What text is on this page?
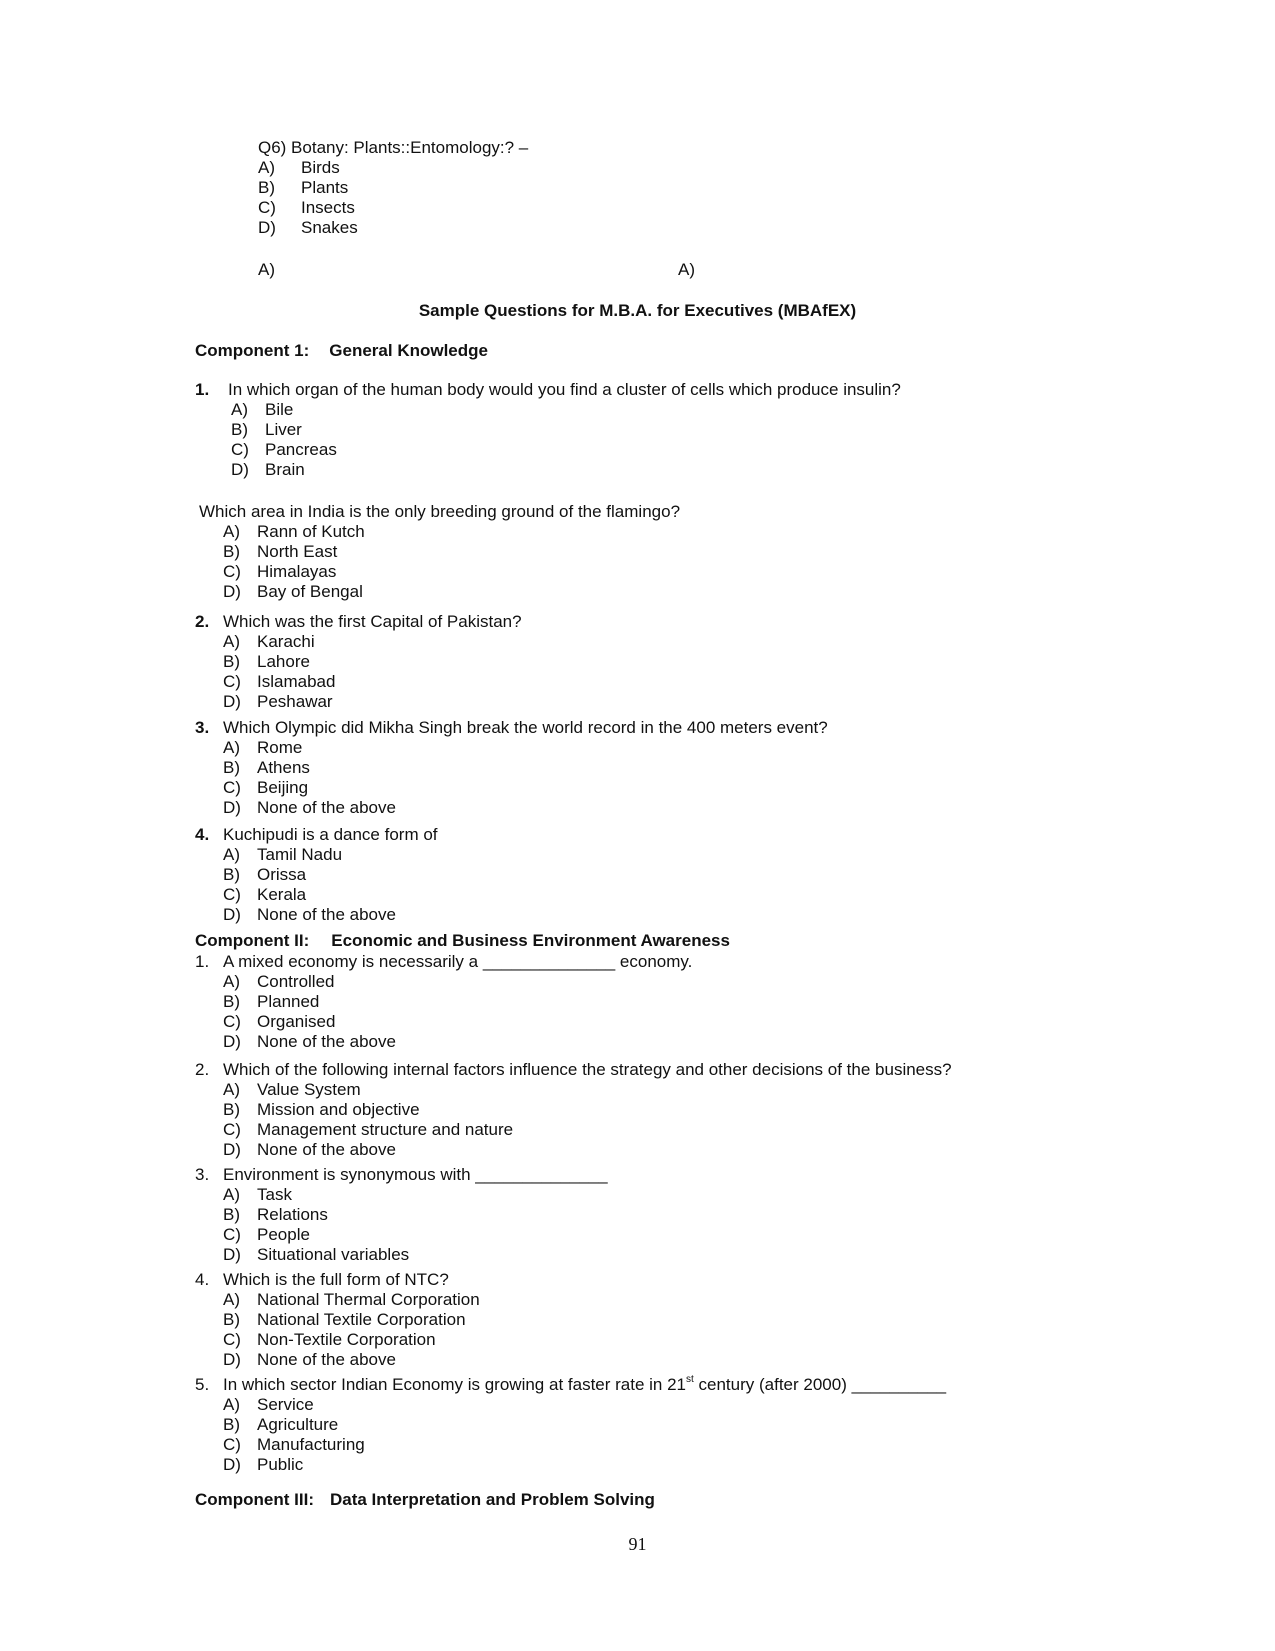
Q6) Botany: Plants::Entomology:? –
A) Birds
B) Plants
C) Insects
D) Snakes
A)	A)
Sample Questions for M.B.A. for Executives (MBAfEX)
Component 1: General Knowledge
1. In which organ of the human body would you find a cluster of cells which produce insulin?
A) Bile
B) Liver
C) Pancreas
D) Brain
Which area in India is the only breeding ground of the flamingo?
A) Rann of Kutch
B) North East
C) Himalayas
D) Bay of Bengal
2. Which was the first Capital of Pakistan?
A) Karachi
B) Lahore
C) Islamabad
D) Peshawar
3. Which Olympic did Mikha Singh break the world record in the 400 meters event?
A) Rome
B) Athens
C) Beijing
D) None of the above
4. Kuchipudi is a dance form of
A) Tamil Nadu
B) Orissa
C) Kerala
D) None of the above
Component II: Economic and Business Environment Awareness
1. A mixed economy is necessarily a ______________ economy.
A) Controlled
B) Planned
C) Organised
D) None of the above
2. Which of the following internal factors influence the strategy and other decisions of the business?
A) Value System
B) Mission and objective
C) Management structure and nature
D) None of the above
3. Environment is synonymous with ______________
A) Task
B) Relations
C) People
D) Situational variables
4. Which is the full form of NTC?
A) National Thermal Corporation
B) National Textile Corporation
C) Non-Textile Corporation
D) None of the above
5. In which sector Indian Economy is growing at faster rate in 21st century (after 2000) __________
A) Service
B) Agriculture
C) Manufacturing
D) Public
Component III: Data Interpretation and Problem Solving
91
